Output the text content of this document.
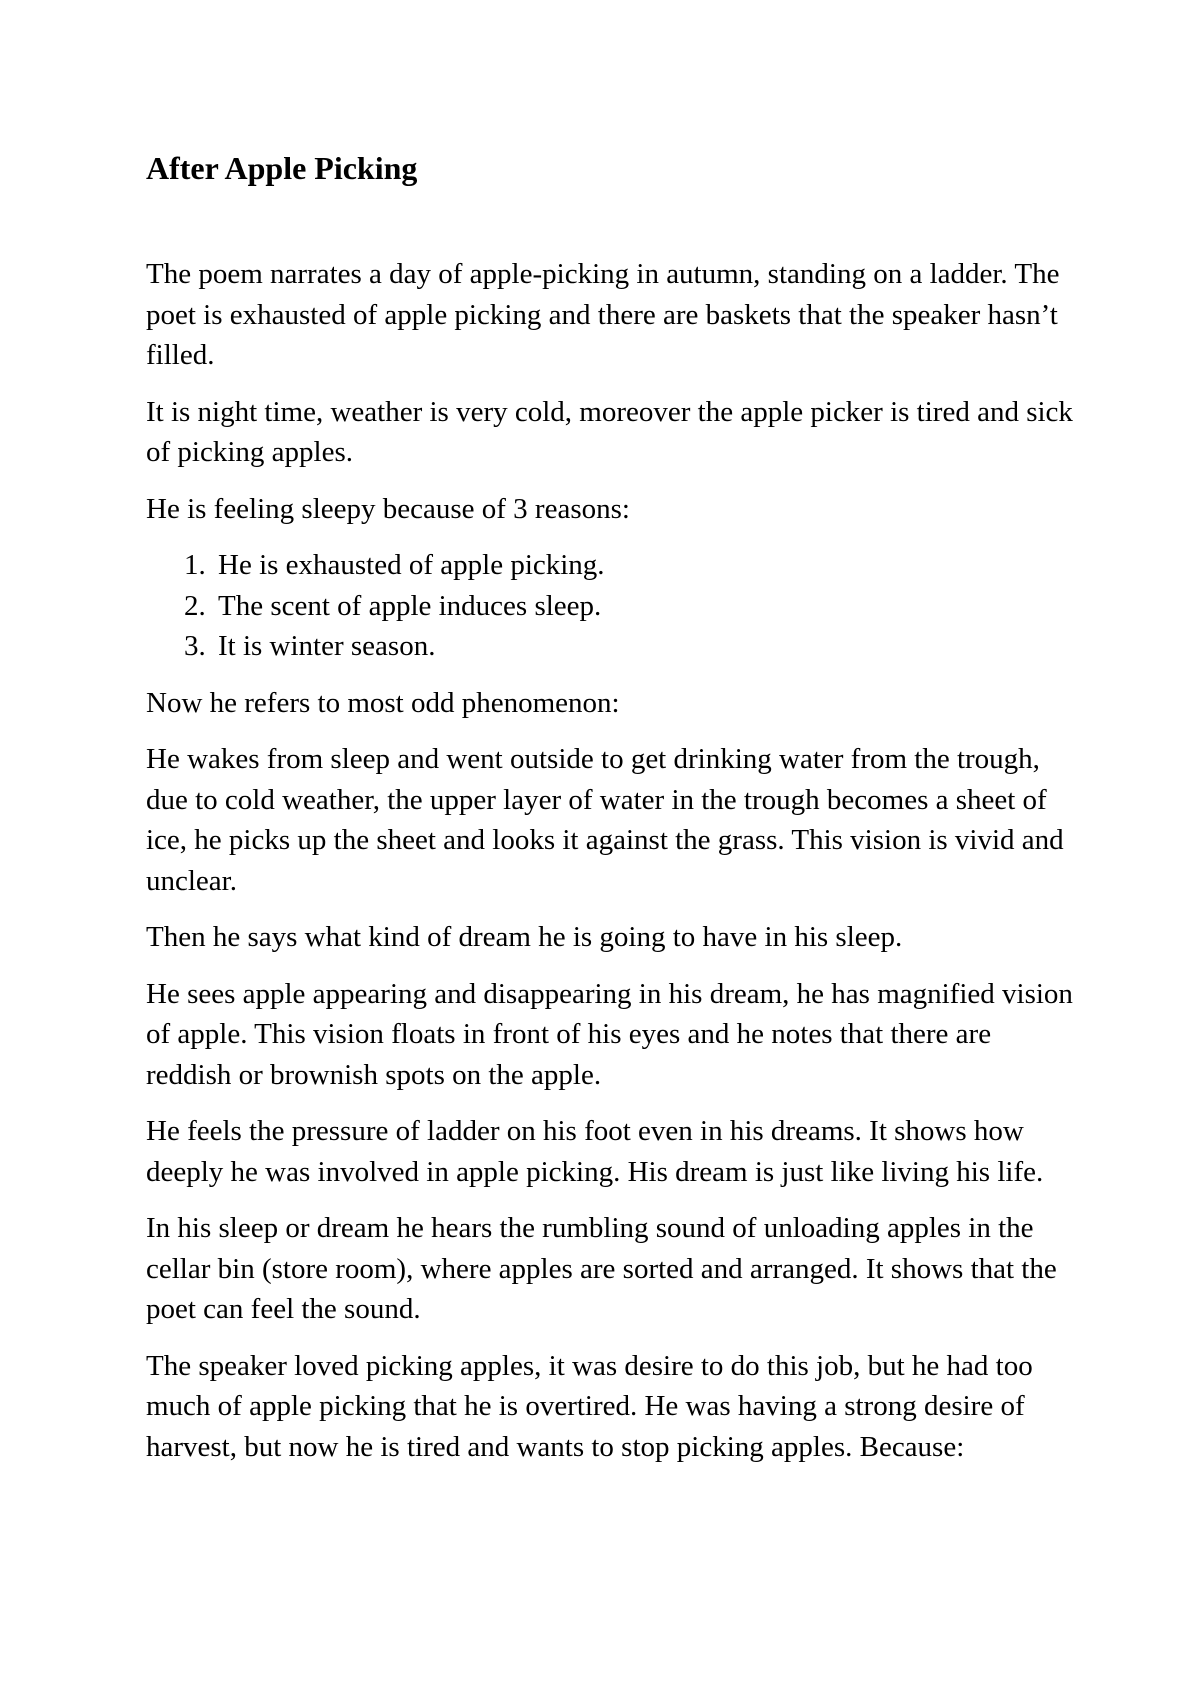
After Apple Picking

The poem narrates a day of apple-picking in autumn, standing on a ladder. The poet is exhausted of apple picking and there are baskets that the speaker hasn’t filled.

It is night time, weather is very cold, moreover the apple picker is tired and sick of picking apples.

He is feeling sleepy because of 3 reasons:

1. He is exhausted of apple picking.
2. The scent of apple induces sleep.
3. It is winter season.

Now he refers to most odd phenomenon:

He wakes from sleep and went outside to get drinking water from the trough, due to cold weather, the upper layer of water in the trough becomes a sheet of ice, he picks up the sheet and looks it against the grass. This vision is vivid and unclear.

Then he says what kind of dream he is going to have in his sleep.

He sees apple appearing and disappearing in his dream, he has magnified vision of apple. This vision floats in front of his eyes and he notes that there are reddish or brownish spots on the apple.

He feels the pressure of ladder on his foot even in his dreams. It shows how deeply he was involved in apple picking. His dream is just like living his life.

In his sleep or dream he hears the rumbling sound of unloading apples in the cellar bin (store room), where apples are sorted and arranged. It shows that the poet can feel the sound.

The speaker loved picking apples, it was desire to do this job, but he had too much of apple picking that he is overtired. He was having a strong desire of harvest, but now he is tired and wants to stop picking apples. Because:
